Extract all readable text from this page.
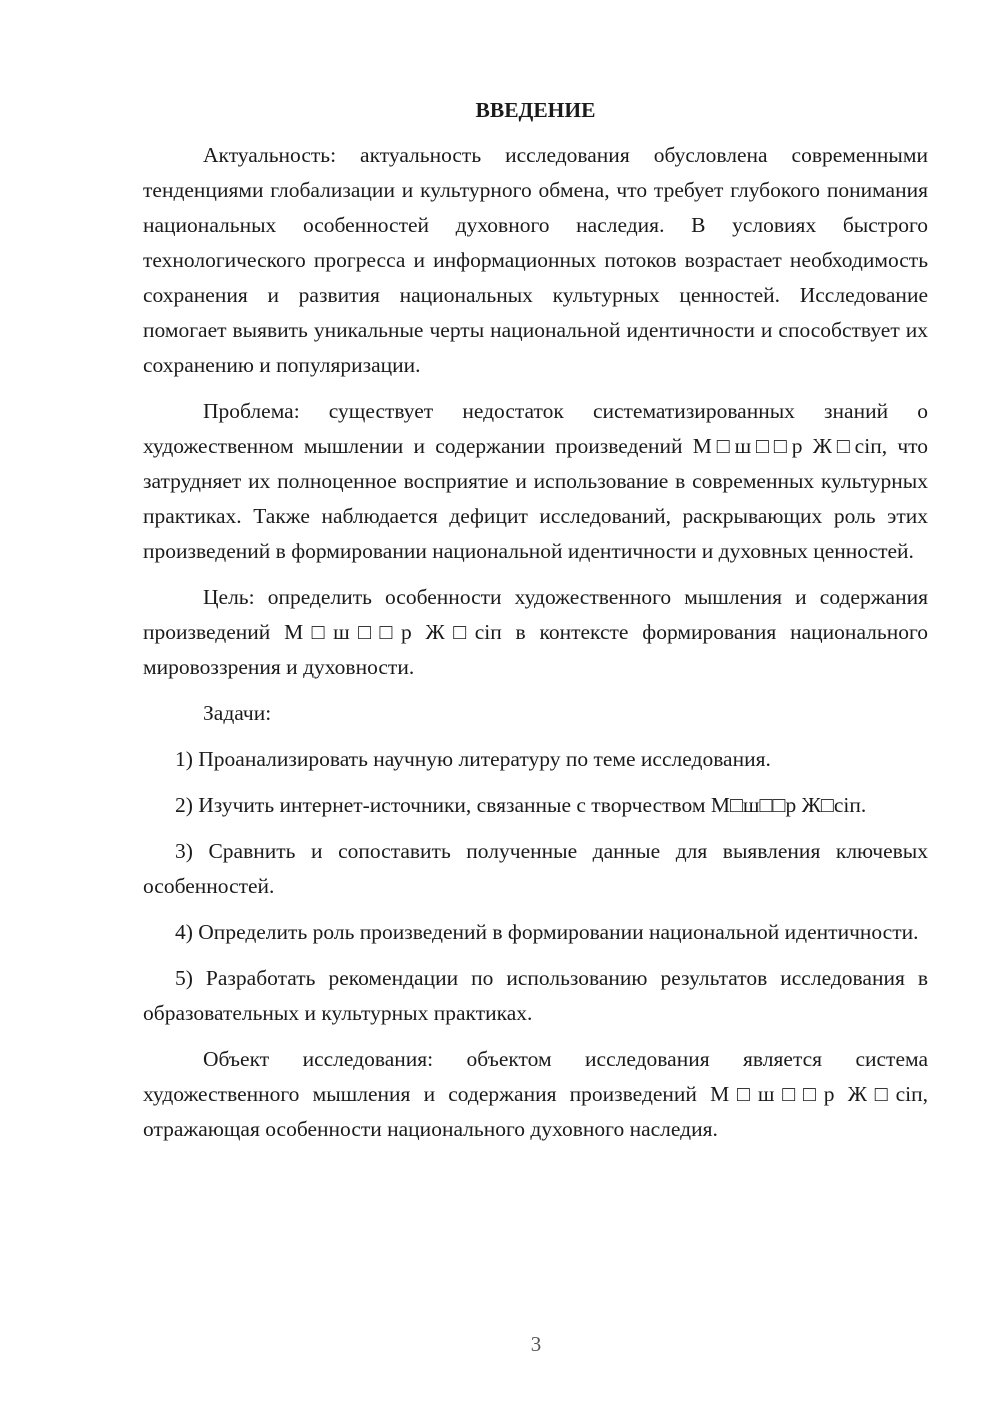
ВВЕДЕНИЕ

Актуальность: актуальность исследования обусловлена современными тенденциями глобализации и культурного обмена, что требует глубокого понимания национальных особенностей духовного наследия. В условиях быстрого технологического прогресса и информационных потоков возрастает необходимость сохранения и развития национальных культурных ценностей. Исследование помогает выявить уникальные черты национальной идентичности и способствует их сохранению и популяризации.

Проблема: существует недостаток систематизированных знаний о художественном мышлении и содержании произведений М□ш□□р Ж□сіп, что затрудняет их полноценное восприятие и использование в современных культурных практиках. Также наблюдается дефицит исследований, раскрывающих роль этих произведений в формировании национальной идентичности и духовных ценностей.

Цель: определить особенности художественного мышления и содержания произведений М□ш□□р Ж□сіп в контексте формирования национального мировоззрения и духовности.

Задачи:

1) Проанализировать научную литературу по теме исследования.

2) Изучить интернет-источники, связанные с творчеством М□ш□□р Ж□сіп.

3) Сравнить и сопоставить полученные данные для выявления ключевых особенностей.

4) Определить роль произведений в формировании национальной идентичности.

5) Разработать рекомендации по использованию результатов исследования в образовательных и культурных практиках.

Объект исследования: объектом исследования является система художественного мышления и содержания произведений М□ш□□р Ж□сіп, отражающая особенности национального духовного наследия.

3
